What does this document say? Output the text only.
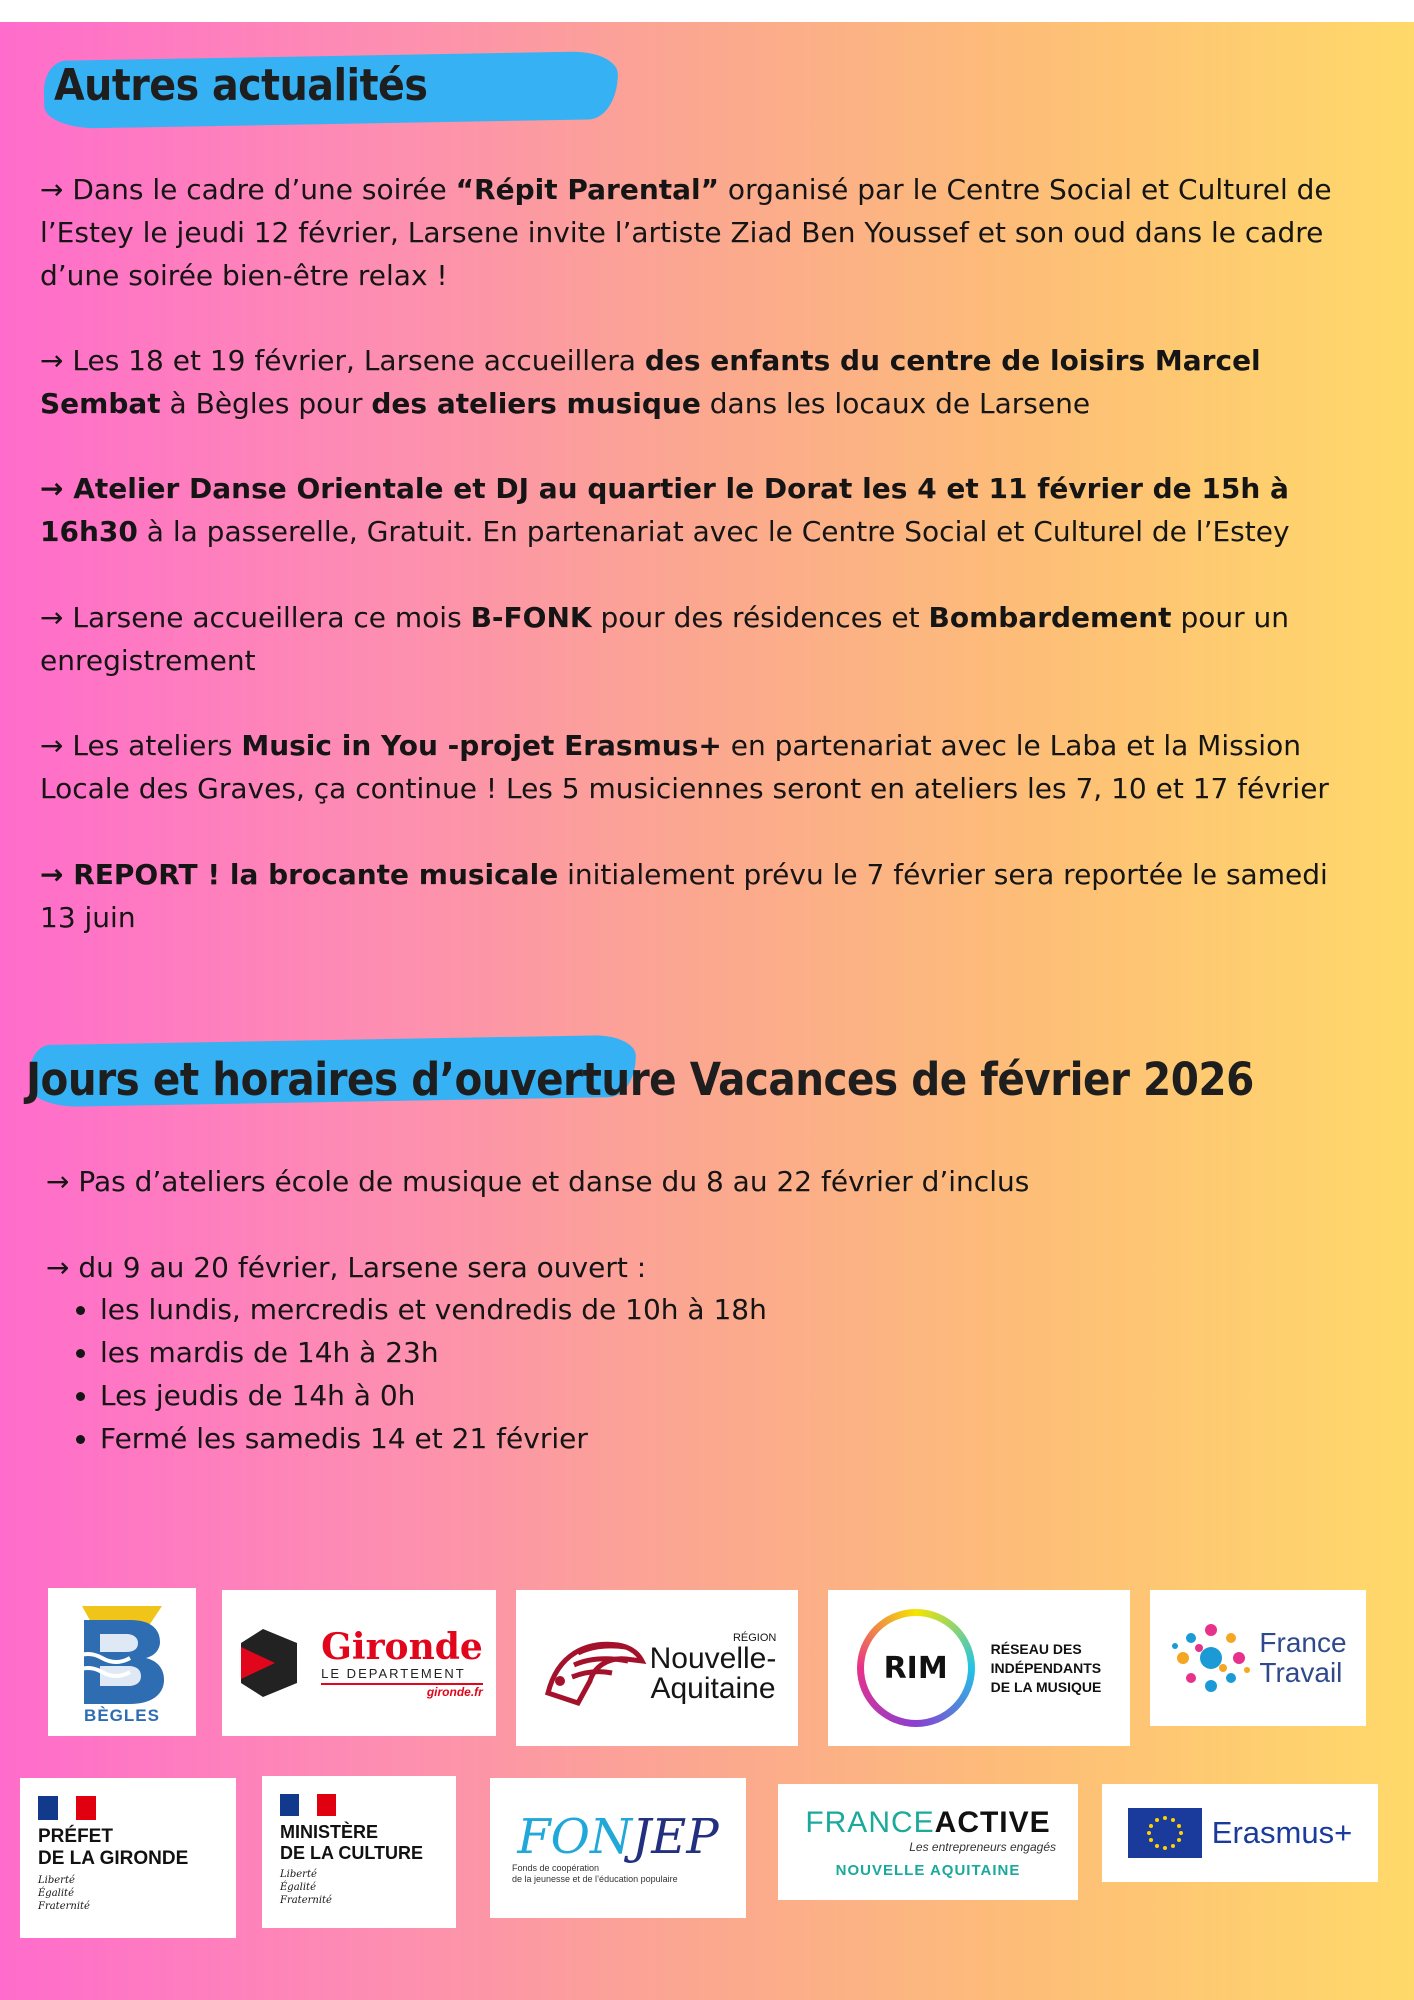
Autres actualités

→ Dans le cadre d’une soirée “Répit Parental” organisé par le Centre Social et Culturel de l’Estey le jeudi 12 février, Larsene invite l’artiste Ziad Ben Youssef et son oud dans le cadre d’une soirée bien-être relax !

→ Les 18 et 19 février, Larsene accueillera des enfants du centre de loisirs Marcel Sembat à Bègles pour des ateliers musique dans les locaux de Larsene

→ Atelier Danse Orientale et DJ au quartier le Dorat les 4 et 11 février de 15h à 16h30 à la passerelle, Gratuit. En partenariat avec le Centre Social et Culturel de l’Estey

→ Larsene accueillera ce mois B-FONK pour des résidences et Bombardement pour un enregistrement

→ Les ateliers Music in You -projet Erasmus+ en partenariat avec le Laba et la Mission Locale des Graves, ça continue ! Les 5 musiciennes seront en ateliers les 7, 10 et 17 février

→ REPORT ! la brocante musicale initialement prévu le 7 février sera reportée le samedi 13 juin

Jours et horaires d’ouverture Vacances de février 2026

→ Pas d’ateliers école de musique et danse du 8 au 22 février d’inclus

→ du 9 au 20 février, Larsene sera ouvert :

• les lundis, mercredis et vendredis de 10h à 18h
• les mardis de 14h à 23h
• Les jeudis de 14h à 0h
• Fermé les samedis 14 et 21 février
BÈGLES
Gironde
LE DEPARTEMENT
gironde.fr
RÉGION
Nouvelle-
Aquitaine
RIM
RÉSEAU DES
INDÉPENDANTS
DE LA MUSIQUE
France
Travail
PRÉFET
DE LA GIRONDE
Liberté
Égalité
Fraternité
MINISTÈRE
DE LA CULTURE
Liberté
Égalité
Fraternité
FONJEP
Fonds de coopération
de la jeunesse et de l’éducation populaire
FRANCEACTIVE
Les entrepreneurs engagés
NOUVELLE AQUITAINE
Erasmus+
